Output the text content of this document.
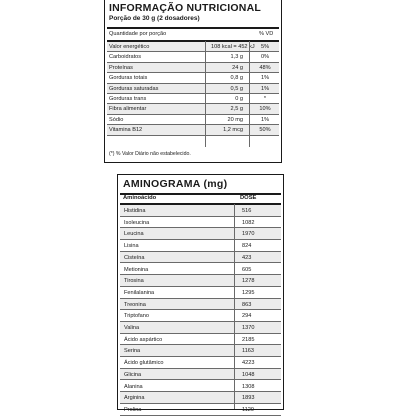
INFORMAÇÃO NUTRICIONAL
Porção de 30 g (2 dosadores)
Quantidade por porção	% VD
Valor energético	108 kcal = 452 kJ	5%
Carboidratos	1,3 g	0%
Proteínas	24 g	48%
Gorduras totais	0,8 g	1%
Gorduras saturadas	0,5 g	1%
Gorduras trans	0 g	*
Fibra alimentar	2,5 g	10%
Sódio	20 mg	1%
Vitamina B12	1,2 mcg	50%
(*) % Valor Diário não estabelecido.
AMINOGRAMA (mg)
Aminoácido	DOSE
Histidina	516
Isoleucina	1082
Leucina	1970
Lisina	824
Cisteína	423
Metionina	605
Tirosina	1278
Fenilalanina	1295
Treonina	863
Triptofano	294
Valina	1370
Ácido aspártico	2185
Serina	1163
Ácido glutâmico	4223
Glicina	1048
Alanina	1308
Arginina	1893
Prolina	1129
